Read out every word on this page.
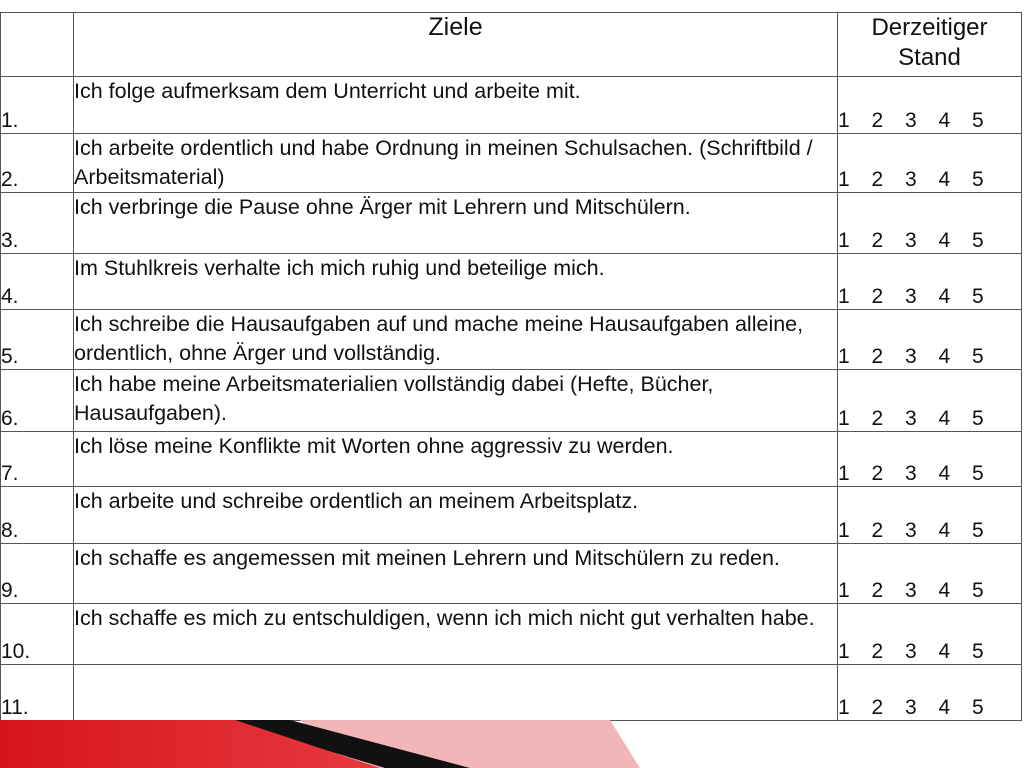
	Ziele	Derzeitiger
Stand
1.	Ich folge aufmerksam dem Unterricht und arbeite mit.	1 2 3 4 5
2.	Ich arbeite ordentlich und habe Ordnung in meinen Schulsachen. (Schriftbild / Arbeitsmaterial)	1 2 3 4 5
3.	Ich verbringe die Pause ohne Ärger mit Lehrern und Mitschülern.	1 2 3 4 5
4.	Im Stuhlkreis verhalte ich mich ruhig und beteilige mich.	1 2 3 4 5
5.	Ich schreibe die Hausaufgaben auf und mache meine Hausaufgaben alleine, ordentlich, ohne Ärger und vollständig.	1 2 3 4 5
6.	Ich habe meine Arbeitsmaterialien vollständig dabei (Hefte, Bücher, Hausaufgaben).	1 2 3 4 5
7.	Ich löse meine Konflikte mit Worten ohne aggressiv zu werden.	1 2 3 4 5
8.	Ich arbeite und schreibe ordentlich an meinem Arbeitsplatz.	1 2 3 4 5
9.	Ich schaffe es angemessen mit meinen Lehrern und Mitschülern zu reden.	1 2 3 4 5
10.	Ich schaffe es mich zu entschuldigen, wenn ich mich nicht gut verhalten habe.	1 2 3 4 5
11.		1 2 3 4 5
